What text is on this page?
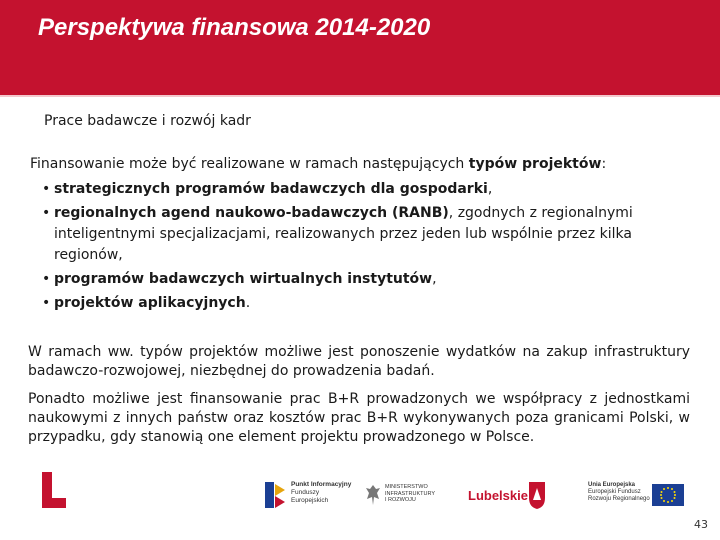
Perspektywa finansowa 2014-2020
Prace badawcze i rozwój kadr
Finansowanie może być realizowane w ramach następujących typów projektów:
• strategicznych programów badawczych dla gospodarki,
• regionalnych agend naukowo-badawczych (RANB), zgodnych z regionalnymi inteligentnymi specjalizacjami, realizowanych przez jeden lub wspólnie przez kilka regionów,
• programów badawczych wirtualnych instytutów,
• projektów aplikacyjnych.
W ramach ww. typów projektów możliwe jest ponoszenie wydatków na zakup infrastruktury badawczo-rozwojowej, niezbędnej do prowadzenia badań.
Ponadto możliwe jest finansowanie prac B+R prowadzonych we współpracy z jednostkami naukowymi z innych państw oraz kosztów prac B+R wykonywanych poza granicami Polski, w przypadku, gdy stanowią one element projektu prowadzonego w Polsce.
Punkt Informacyjny
Funduszy Europejskich
MINISTERSTWO
INFRASTRUKTURY
I ROZWOJU	Lubelskie
Unia Europejska
Europejski Fundusz Rozwoju Regionalnego
43
